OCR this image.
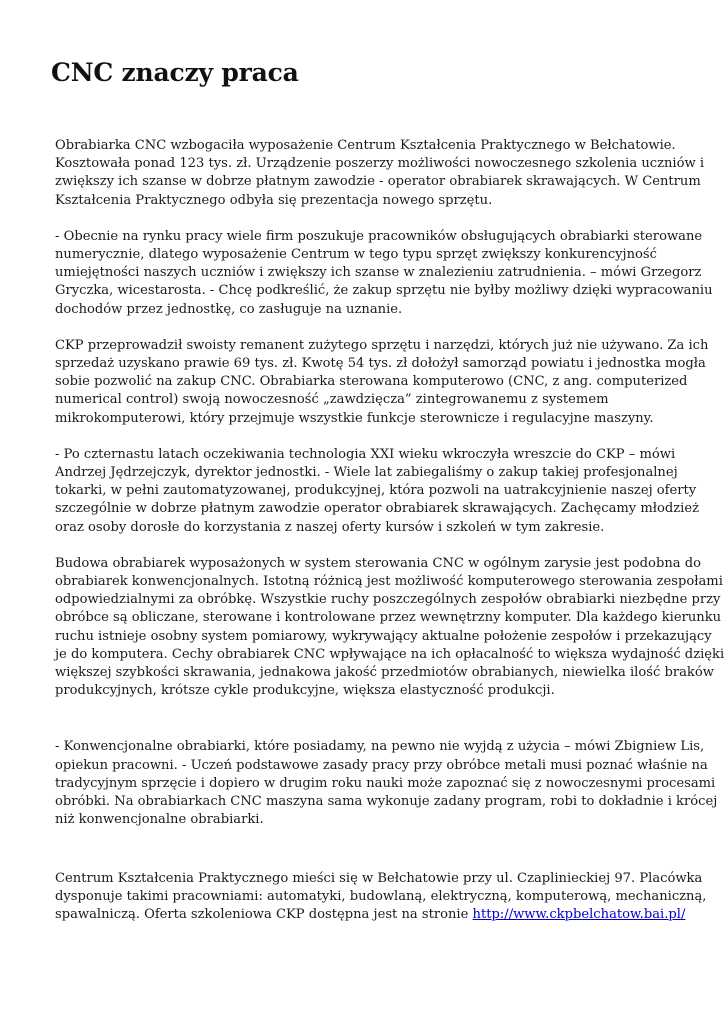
CNC znaczy praca

Obrabiarka CNC wzbogaciła wyposażenie Centrum Kształcenia Praktycznego w Bełchatowie.

Kosztowała ponad 123 tys. zł. Urządzenie poszerzy możliwości nowoczesnego szkolenia uczniów i

zwiększy ich szanse w dobrze płatnym zawodzie - operator obrabiarek skrawających. W Centrum

Kształcenia Praktycznego odbyła się prezentacja nowego sprzętu.

- Obecnie na rynku pracy wiele firm poszukuje pracowników obsługujących obrabiarki sterowane

numerycznie, dlatego wyposażenie Centrum w tego typu sprzęt zwiększy konkurencyjność

umiejętności naszych uczniów i zwiększy ich szanse w znalezieniu zatrudnienia. – mówi Grzegorz

Gryczka, wicestarosta. - Chcę podkreślić, że zakup sprzętu nie byłby możliwy dzięki wypracowaniu

dochodów przez jednostkę, co zasługuje na uznanie.

CKP przeprowadził swoisty remanent zużytego sprzętu i narzędzi, których już nie używano. Za ich

sprzedaż uzyskano prawie 69 tys. zł. Kwotę 54 tys. zł dołożył samorząd powiatu i jednostka mogła

sobie pozwolić na zakup CNC. Obrabiarka sterowana komputerowo (CNC, z ang. computerized

numerical control) swoją nowoczesność „zawdzięcza” zintegrowanemu z systemem

mikrokomputerowi, który przejmuje wszystkie funkcje sterownicze i regulacyjne maszyny.

- Po czternastu latach oczekiwania technologia XXI wieku wkroczyła wreszcie do CKP – mówi

Andrzej Jędrzejczyk, dyrektor jednostki. - Wiele lat zabiegaliśmy o zakup takiej profesjonalnej

tokarki, w pełni zautomatyzowanej, produkcyjnej, która pozwoli na uatrakcyjnienie naszej oferty

szczególnie w dobrze płatnym zawodzie operator obrabiarek skrawających. Zachęcamy młodzież

oraz osoby dorosłe do korzystania z naszej oferty kursów i szkoleń w tym zakresie.

Budowa obrabiarek wyposażonych w system sterowania CNC w ogólnym zarysie jest podobna do

obrabiarek konwencjonalnych. Istotną różnicą jest możliwość komputerowego sterowania zespołami

odpowiedzialnymi za obróbkę. Wszystkie ruchy poszczególnych zespołów obrabiarki niezbędne przy

obróbce są obliczane, sterowane i kontrolowane przez wewnętrzny komputer. Dla każdego kierunku

ruchu istnieje osobny system pomiarowy, wykrywający aktualne położenie zespołów i przekazujący

je do komputera. Cechy obrabiarek CNC wpływające na ich opłacalność to większa wydajność dzięki

większej szybkości skrawania, jednakowa jakość przedmiotów obrabianych, niewielka ilość braków

produkcyjnych, krótsze cykle produkcyjne, większa elastyczność produkcji.

- Konwencjonalne obrabiarki, które posiadamy, na pewno nie wyjdą z użycia – mówi Zbigniew Lis,

opiekun pracowni. - Uczeń podstawowe zasady pracy przy obróbce metali musi poznać właśnie na

tradycyjnym sprzęcie i dopiero w drugim roku nauki może zapoznać się z nowoczesnymi procesami

obróbki. Na obrabiarkach CNC maszyna sama wykonuje zadany program, robi to dokładnie i krócej

niż konwencjonalne obrabiarki.

Centrum Kształcenia Praktycznego mieści się w Bełchatowie przy ul. Czaplinieckiej 97. Placówka

dysponuje takimi pracowniami: automatyki, budowlaną, elektryczną, komputerową, mechaniczną,

spawalniczą. Oferta szkoleniowa CKP dostępna jest na stronie http://www.ckpbelchatow.bai.pl/
